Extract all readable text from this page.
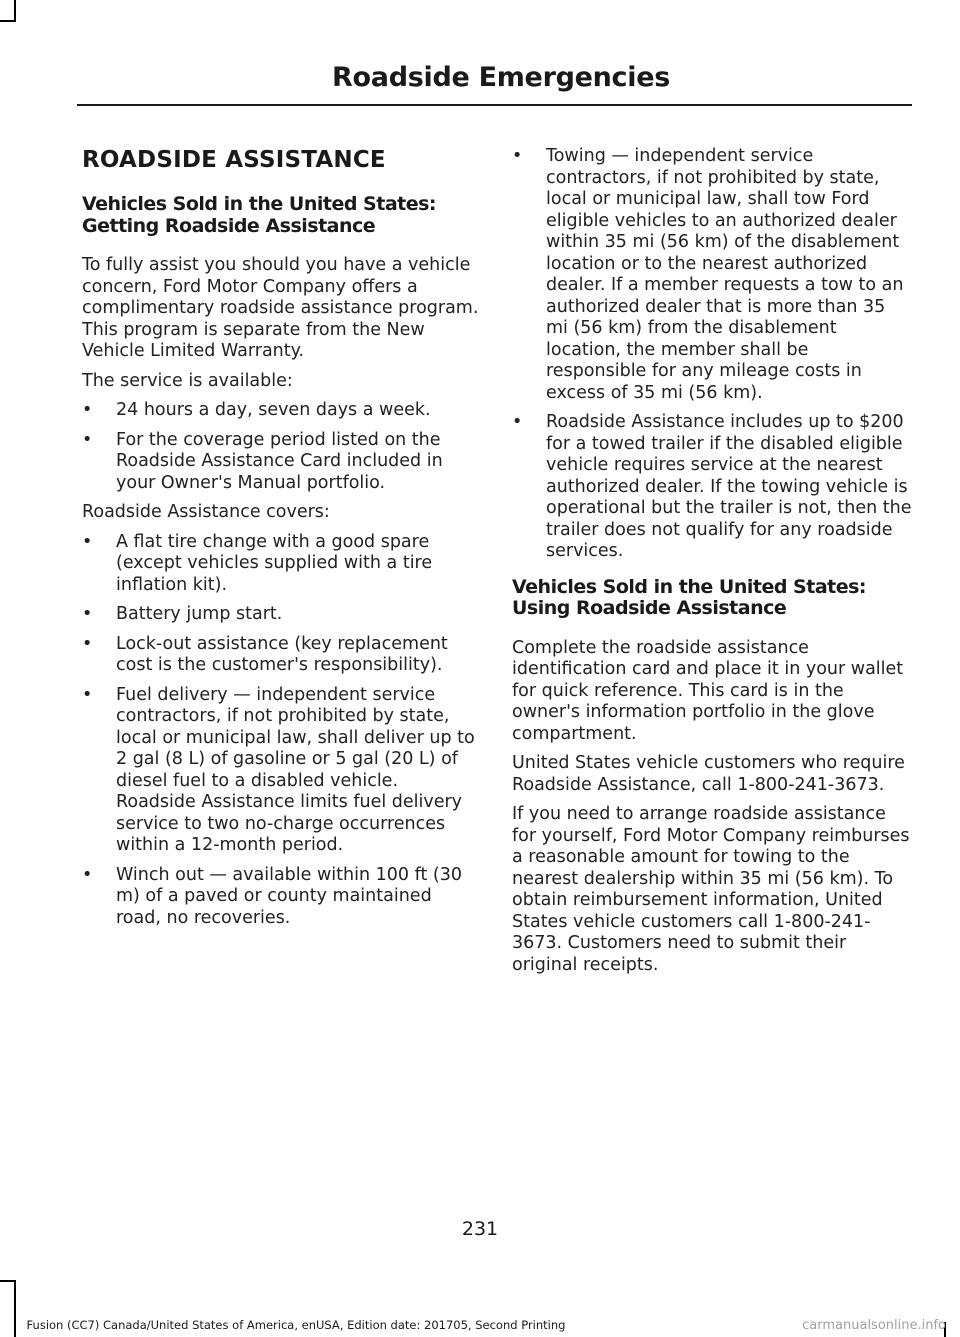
Roadside Emergencies
ROADSIDE ASSISTANCE
Vehicles Sold in the United States: Getting Roadside Assistance

To fully assist you should you have a vehicle concern, Ford Motor Company offers a complimentary roadside assistance program. This program is separate from the New Vehicle Limited Warranty.

The service is available:

• 24 hours a day, seven days a week.
• For the coverage period listed on the Roadside Assistance Card included in your Owner's Manual portfolio.

Roadside Assistance covers:

• A flat tire change with a good spare (except vehicles supplied with a tire inflation kit).
• Battery jump start.
• Lock-out assistance (key replacement cost is the customer's responsibility).
• Fuel delivery — independent service contractors, if not prohibited by state, local or municipal law, shall deliver up to 2 gal (8 L) of gasoline or 5 gal (20 L) of diesel fuel to a disabled vehicle. Roadside Assistance limits fuel delivery service to two no-charge occurrences within a 12-month period.
• Winch out — available within 100 ft (30 m) of a paved or county maintained road, no recoveries.
• Towing — independent service contractors, if not prohibited by state, local or municipal law, shall tow Ford eligible vehicles to an authorized dealer within 35 mi (56 km) of the disablement location or to the nearest authorized dealer. If a member requests a tow to an authorized dealer that is more than 35 mi (56 km) from the disablement location, the member shall be responsible for any mileage costs in excess of 35 mi (56 km).
• Roadside Assistance includes up to $200 for a towed trailer if the disabled eligible vehicle requires service at the nearest authorized dealer. If the towing vehicle is operational but the trailer is not, then the trailer does not qualify for any roadside services.
Vehicles Sold in the United States: Using Roadside Assistance

Complete the roadside assistance identification card and place it in your wallet for quick reference. This card is in the owner's information portfolio in the glove compartment.

United States vehicle customers who require Roadside Assistance, call 1-800-241-3673.

If you need to arrange roadside assistance for yourself, Ford Motor Company reimburses a reasonable amount for towing to the nearest dealership within 35 mi (56 km). To obtain reimbursement information, United States vehicle customers call 1-800-241-3673. Customers need to submit their original receipts.

231
Fusion (CC7) Canada/United States of America, enUSA, Edition date: 201705, Second Printing	carmanualsonline.info
